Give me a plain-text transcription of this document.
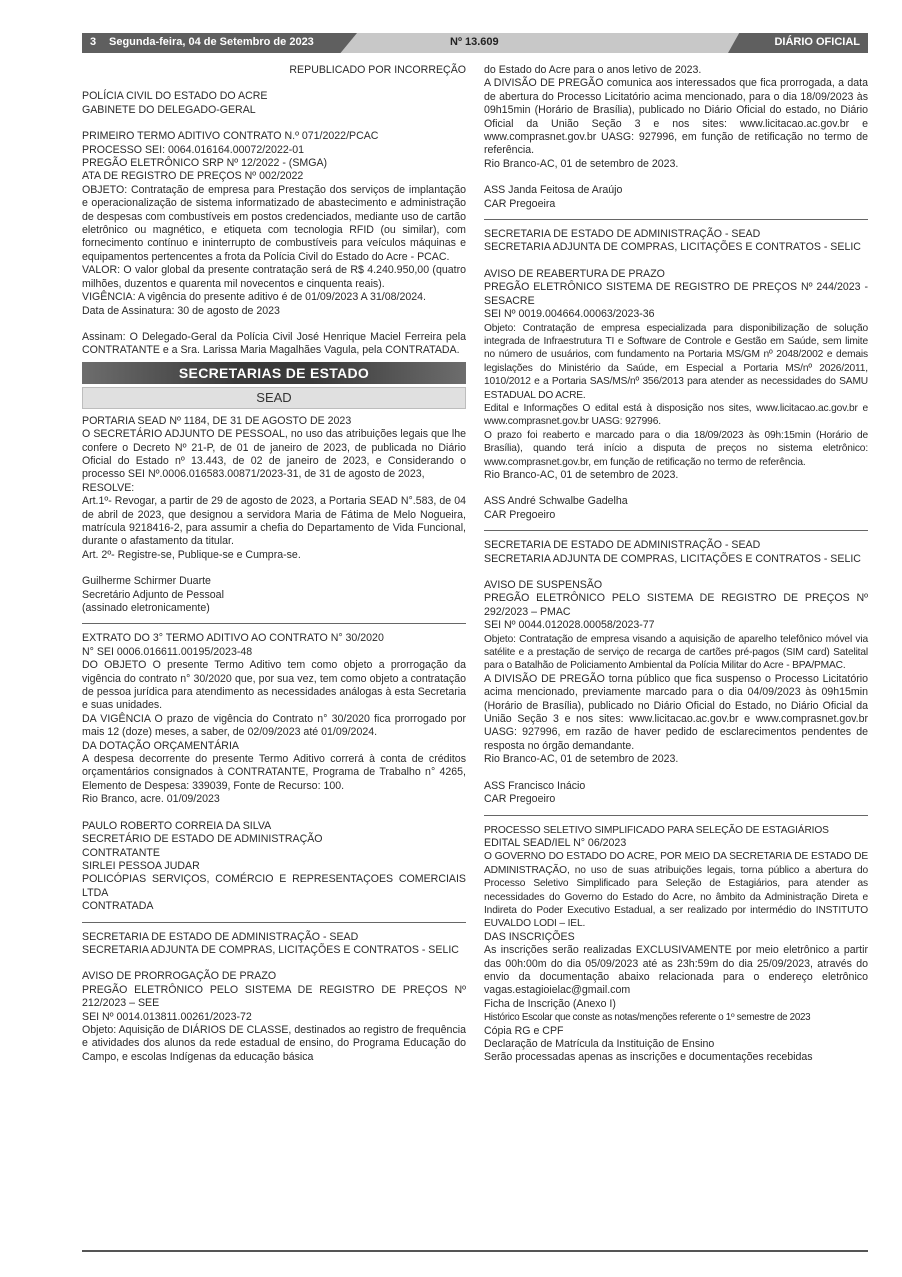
3 Segunda-feira, 04 de Setembro de 2023	Nº 13.609	DIÁRIO OFICIAL

REPUBLICADO POR INCORREÇÃO

POLÍCIA CIVIL DO ESTADO DO ACRE

GABINETE DO DELEGADO-GERAL

PRIMEIRO TERMO ADITIVO CONTRATO N.º 071/2022/PCAC

PROCESSO SEI: 0064.016164.00072/2022-01

PREGÃO ELETRÔNICO SRP Nº 12/2022 - (SMGA)

ATA DE REGISTRO DE PREÇOS Nº 002/2022

OBJETO: Contratação de empresa para Prestação dos serviços de implantação e operacionalização de sistema informatizado de abastecimento e administração de despesas com combustíveis em postos credenciados, mediante uso de cartão eletrônico ou magnético, e etiqueta com tecnologia RFID (ou similar), com fornecimento contínuo e ininterrupto de combustíveis para veículos máquinas e equipamentos pertencentes a frota da Polícia Civil do Estado do Acre - PCAC.

VALOR: O valor global da presente contratação será de R$ 4.240.950,00 (quatro milhões, duzentos e quarenta mil novecentos e cinquenta reais).

VIGÊNCIA: A vigência do presente aditivo é de 01/09/2023 A 31/08/2024.

Data de Assinatura: 30 de agosto de 2023

Assinam: O Delegado-Geral da Polícia Civil José Henrique Maciel Ferreira pela CONTRATANTE e a Sra. Larissa Maria Magalhães Vagula, pela CONTRATADA.

SECRETARIAS DE ESTADO
SEAD

PORTARIA SEAD Nº 1184, DE 31 DE AGOSTO DE 2023

O SECRETÁRIO ADJUNTO DE PESSOAL, no uso das atribuições legais que lhe confere o Decreto Nº 21-P, de 01 de janeiro de 2023, de publicada no Diário Oficial do Estado nº 13.443, de 02 de janeiro de 2023, e Considerando o processo SEI Nº.0006.016583.00871/2023-31, de 31 de agosto de 2023,

RESOLVE:

Art.1º- Revogar, a partir de 29 de agosto de 2023, a Portaria SEAD N°.583, de 04 de abril de 2023, que designou a servidora Maria de Fátima de Melo Nogueira, matrícula 9218416-2, para assumir a chefia do Departamento de Vida Funcional, durante o afastamento da titular.

Art. 2º- Registre-se, Publique-se e Cumpra-se.

Guilherme Schirmer Duarte

Secretário Adjunto de Pessoal

(assinado eletronicamente)

EXTRATO DO 3° TERMO ADITIVO AO CONTRATO N° 30/2020

N° SEI 0006.016611.00195/2023-48

DO OBJETO O presente Termo Aditivo tem como objeto a prorrogação da vigência do contrato n° 30/2020 que, por sua vez, tem como objeto a contratação de pessoa jurídica para atendimento as necessidades análogas à esta Secretaria e suas unidades.

DA VIGÊNCIA O prazo de vigência do Contrato n° 30/2020 fica prorrogado por mais 12 (doze) meses, a saber, de 02/09/2023 até 01/09/2024.

DA DOTAÇÃO ORÇAMENTÁRIA

A despesa decorrente do presente Termo Aditivo correrá à conta de créditos orçamentários consignados à CONTRATANTE, Programa de Trabalho n° 4265, Elemento de Despesa: 339039, Fonte de Recurso: 100.

Rio Branco, acre. 01/09/2023

PAULO ROBERTO CORREIA DA SILVA

SECRETÁRIO DE ESTADO DE ADMINISTRAÇÃO

CONTRATANTE

SIRLEI PESSOA JUDAR

POLICÓPIAS SERVIÇOS, COMÉRCIO E REPRESENTAÇOES COMERCIAIS LTDA

CONTRATADA

SECRETARIA DE ESTADO DE ADMINISTRAÇÃO - SEAD

SECRETARIA ADJUNTA DE COMPRAS, LICITAÇÕES E CONTRATOS - SELIC

AVISO DE PRORROGAÇÃO DE PRAZO

PREGÃO ELETRÔNICO PELO SISTEMA DE REGISTRO DE PREÇOS Nº 212/2023 – SEE

SEI Nº 0014.013811.00261/2023-72

Objeto: Aquisição de DIÁRIOS DE CLASSE, destinados ao registro de frequência e atividades dos alunos da rede estadual de ensino, do Programa Educação do Campo, e escolas Indígenas da educação básica

do Estado do Acre para o anos letivo de 2023.

A DIVISÃO DE PREGÃO comunica aos interessados que fica prorrogada, a data de abertura do Processo Licitatório acima mencionado, para o dia 18/09/2023 às 09h15min (Horário de Brasília), publicado no Diário Oficial do estado, no Diário Oficial da União Seção 3 e nos sites: www.licitacao.ac.gov.br e www.comprasnet.gov.br UASG: 927996, em função de retificação no termo de referência.

Rio Branco-AC, 01 de setembro de 2023.

ASS Janda Feitosa de Araújo

CAR Pregoeira

SECRETARIA DE ESTADO DE ADMINISTRAÇÃO - SEAD

SECRETARIA ADJUNTA DE COMPRAS, LICITAÇÕES E CONTRATOS - SELIC

AVISO DE REABERTURA DE PRAZO

PREGÃO ELETRÔNICO SISTEMA DE REGISTRO DE PREÇOS Nº 244/2023 - SESACRE

SEI Nº 0019.004664.00063/2023-36

Objeto: Contratação de empresa especializada para disponibilização de solução integrada de Infraestrutura TI e Software de Controle e Gestão em Saúde, sem limite no número de usuários, com fundamento na Portaria MS/GM nº 2048/2002 e demais legislações do Ministério da Saúde, em Especial a Portaria MS/nº 2026/2011, 1010/2012 e a Portaria SAS/MS/nº 356/2013 para atender as necessidades do SAMU ESTADUAL DO ACRE.

Edital e Informações O edital está à disposição nos sites, www.licitacao.ac.gov.br e www.comprasnet.gov.br UASG: 927996.

O prazo foi reaberto e marcado para o dia 18/09/2023 às 09h:15min (Horário de Brasília), quando terá início a disputa de preços no sistema eletrônico: www.comprasnet.gov.br, em função de retificação no termo de referência.

Rio Branco-AC, 01 de setembro de 2023.

ASS André Schwalbe Gadelha

CAR Pregoeiro

SECRETARIA DE ESTADO DE ADMINISTRAÇÃO - SEAD

SECRETARIA ADJUNTA DE COMPRAS, LICITAÇÕES E CONTRATOS - SELIC

AVISO DE SUSPENSÃO

PREGÃO ELETRÔNICO PELO SISTEMA DE REGISTRO DE PREÇOS Nº 292/2023 – PMAC

SEI Nº 0044.012028.00058/2023-77

Objeto: Contratação de empresa visando a aquisição de aparelho telefônico móvel via satélite e a prestação de serviço de recarga de cartões pré-pagos (SIM card) Satelital para o Batalhão de Policiamento Ambiental da Polícia Militar do Acre - BPA/PMAC.

A DIVISÃO DE PREGÃO torna público que fica suspenso o Processo Licitatório acima mencionado, previamente marcado para o dia 04/09/2023 às 09h15min (Horário de Brasília), publicado no Diário Oficial do Estado, no Diário Oficial da União Seção 3 e nos sites: www.licitacao.ac.gov.br e www.comprasnet.gov.br UASG: 927996, em razão de haver pedido de esclarecimentos pendentes de resposta no órgão demandante.

Rio Branco-AC, 01 de setembro de 2023.

ASS Francisco Inácio

CAR Pregoeiro

PROCESSO SELETIVO SIMPLIFICADO PARA SELEÇÃO DE ESTAGIÁRIOS

EDITAL SEAD/IEL N° 06/2023

O GOVERNO DO ESTADO DO ACRE, POR MEIO DA SECRETARIA DE ESTADO DE ADMINISTRAÇÃO, no uso de suas atribuições legais, torna público a abertura do Processo Seletivo Simplificado para Seleção de Estagiários, para atender as necessidades do Governo do Estado do Acre, no âmbito da Administração Direta e Indireta do Poder Executivo Estadual, a ser realizado por intermédio do INSTITUTO EUVALDO LODI – IEL.

DAS INSCRIÇÕES

As inscrições serão realizadas EXCLUSIVAMENTE por meio eletrônico a partir das 00h:00m do dia 05/09/2023 até as 23h:59m do dia 25/09/2023, através do envio da documentação abaixo relacionada para o endereço eletrônico vagas.estagioielac@gmail.com

Ficha de Inscrição (Anexo I)

Histórico Escolar que conste as notas/menções referente o 1º semestre de 2023

Cópia RG e CPF

Declaração de Matrícula da Instituição de Ensino

Serão processadas apenas as inscrições e documentações recebidas
